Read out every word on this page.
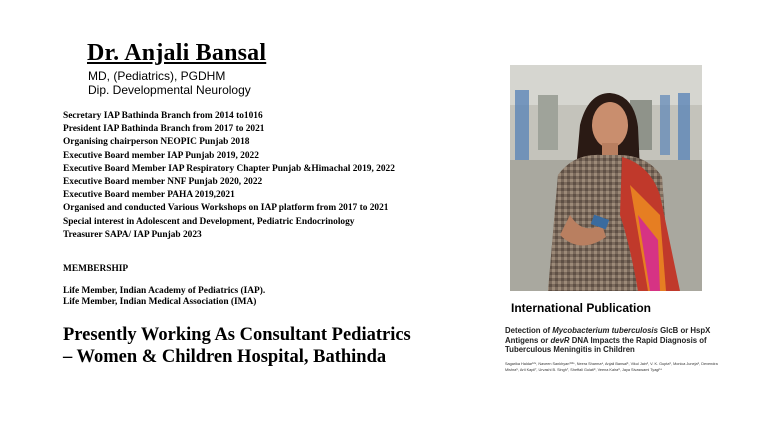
Dr. Anjali Bansal
MD, (Pediatrics), PGDHM
Dip. Developmental Neurology
Secretary IAP Bathinda Branch from 2014 to1016
President IAP Bathinda Branch from 2017 to 2021
Organising chairperson NEOPIC Punjab 2018
Executive Board member IAP Punjab 2019, 2022
Executive Board Member IAP Respiratory Chapter Punjab &Himachal 2019, 2022
Executive Board member NNF Punjab 2020, 2022
Executive Board member PAHA 2019,2021
Organised and conducted Various Workshops on IAP platform from 2017 to 2021
Special interest in Adolescent and Development, Pediatric Endocrinology
Treasurer SAPA/ IAP Punjab 2023
MEMBERSHIP
Life Member, Indian Academy of Pediatrics (IAP).
Life Member, Indian Medical Association (IMA)
Presently Working As Consultant Pediatrics
– Women & Children Hospital, Bathinda
International Publication
Detection of Mycobacterium tuberculosis GlcB or HspX Antigens or devR DNA Impacts the Rapid Diagnosis of Tuberculous Meningitis in Children
Sagarika Haldar¹²*, Naveen Sankhyan³¹²*, Neera Sharma⁴, Anjali Bansal⁵, Vikul Jain², V. K. Gupta⁶, Monica Juneja⁵, Devendra Mishra⁵, Arti Kapil⁷, Urvashi B. Singh⁷, Sheffali Gulati⁸, Veena Kalra⁸, Jaya Sivaswami Tyagi¹*
